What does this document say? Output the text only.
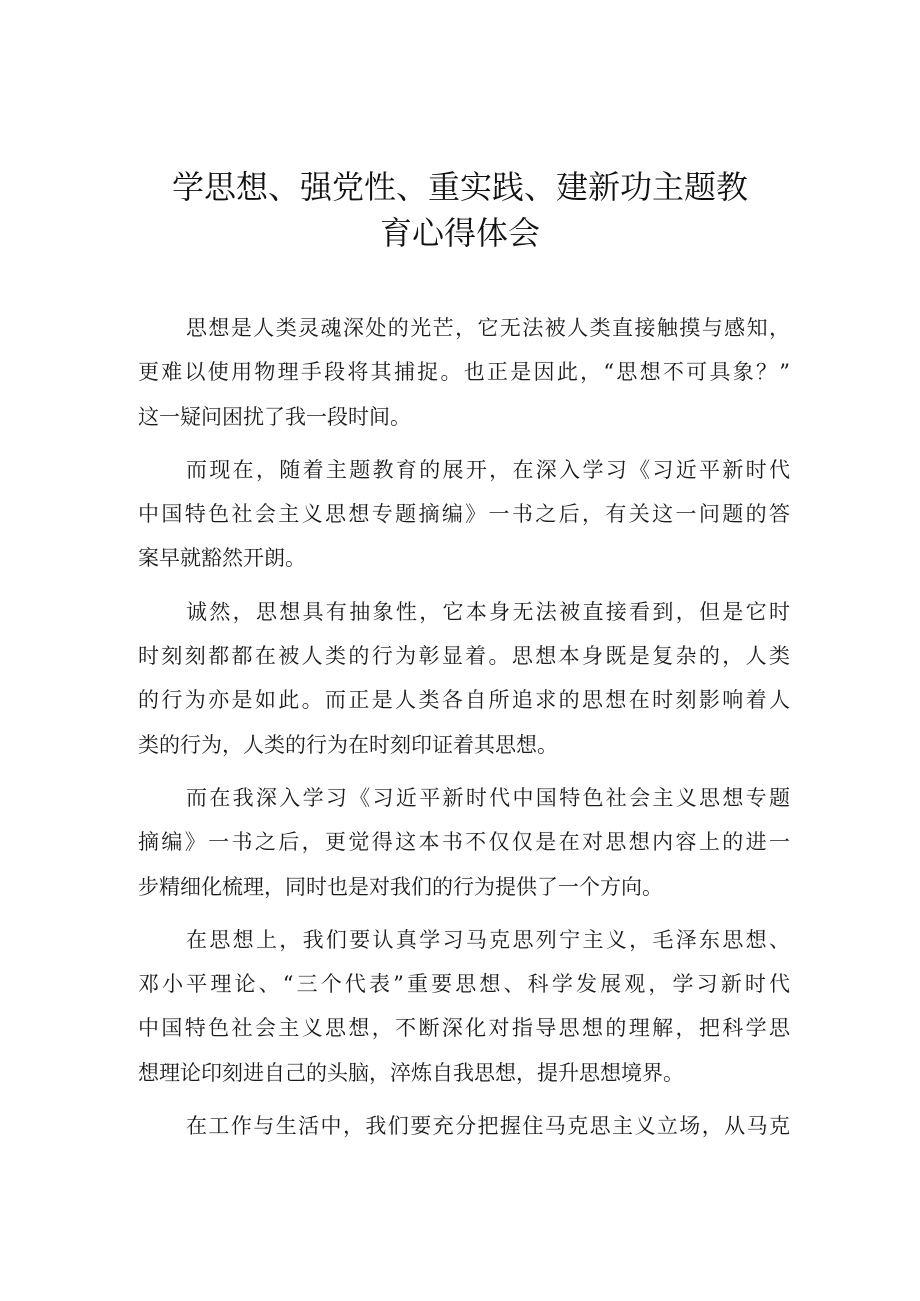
学思想、强党性、重实践、建新功主题教
育心得体会
思想是人类灵魂深处的光芒，它无法被人类直接触摸与感知，
更难以使用物理手段将其捕捉。也正是因此，“思想不可具象？”
这一疑问困扰了我一段时间。
而现在，随着主题教育的展开，在深入学习《习近平新时代
中国特色社会主义思想专题摘编》一书之后，有关这一问题的答
案早就豁然开朗。
诚然，思想具有抽象性，它本身无法被直接看到，但是它时
时刻刻都都在被人类的行为彰显着。思想本身既是复杂的，人类
的行为亦是如此。而正是人类各自所追求的思想在时刻影响着人
类的行为，人类的行为在时刻印证着其思想。
而在我深入学习《习近平新时代中国特色社会主义思想专题
摘编》一书之后，更觉得这本书不仅仅是在对思想内容上的进一
步精细化梳理，同时也是对我们的行为提供了一个方向。
在思想上，我们要认真学习马克思列宁主义，毛泽东思想、
邓小平理论、“三个代表”重要思想、科学发展观，学习新时代
中国特色社会主义思想，不断深化对指导思想的理解，把科学思
想理论印刻进自己的头脑，淬炼自我思想，提升思想境界。
在工作与生活中，我们要充分把握住马克思主义立场，从马克
